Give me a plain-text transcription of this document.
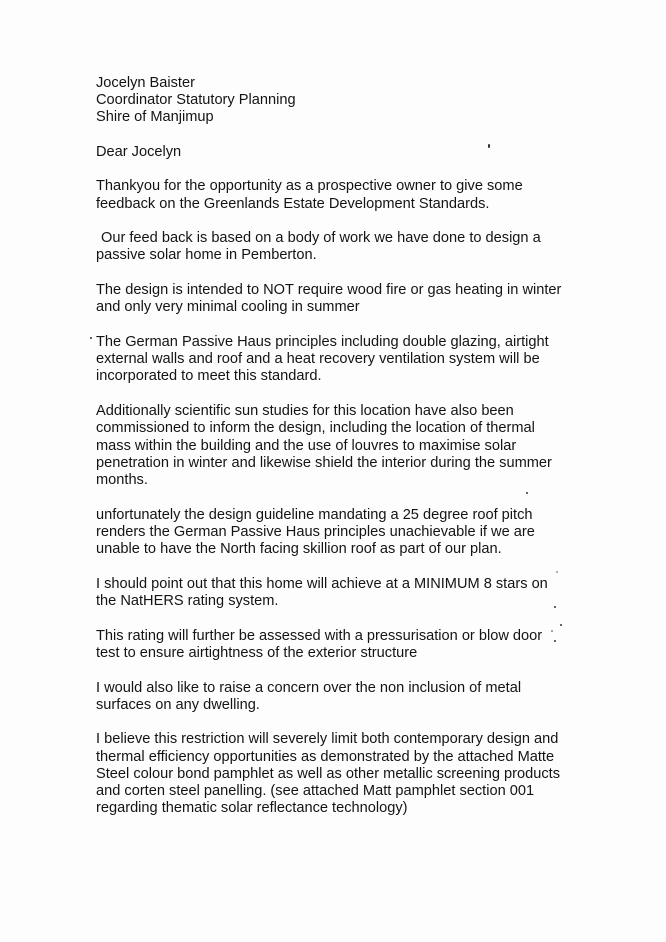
Jocelyn Baister
Coordinator Statutory Planning
Shire of Manjimup
Dear Jocelyn
Thankyou for the opportunity as a prospective owner to give some
feedback on the Greenlands Estate Development Standards.
Our feed back is based on a body of work we have done to design a
passive solar home in Pemberton.
The design is intended to NOT require wood fire or gas heating in winter
and only very minimal cooling in summer
The German Passive Haus principles including double glazing, airtight
external walls and roof and a heat recovery ventilation system will be
incorporated to meet this standard.
Additionally scientific sun studies for this location have also been
commissioned to inform the design, including the location of thermal
mass within the building and the use of louvres to maximise solar
penetration in winter and likewise shield the interior during the summer
months.
unfortunately the design guideline mandating a 25 degree roof pitch
renders the German Passive Haus principles unachievable if we are
unable to have the North facing skillion roof as part of our plan.
I should point out that this home will achieve at a MINIMUM 8 stars on
the NatHERS rating system.
This rating will further be assessed with a pressurisation or blow door
test to ensure airtightness of the exterior structure
I would also like to raise a concern over the non inclusion of metal
surfaces on any dwelling.
I believe this restriction will severely limit both contemporary design and
thermal efficiency opportunities as demonstrated by the attached Matte
Steel colour bond pamphlet as well as other metallic screening products
and corten steel panelling. (see attached Matt pamphlet section 001
regarding thematic solar reflectance technology)
